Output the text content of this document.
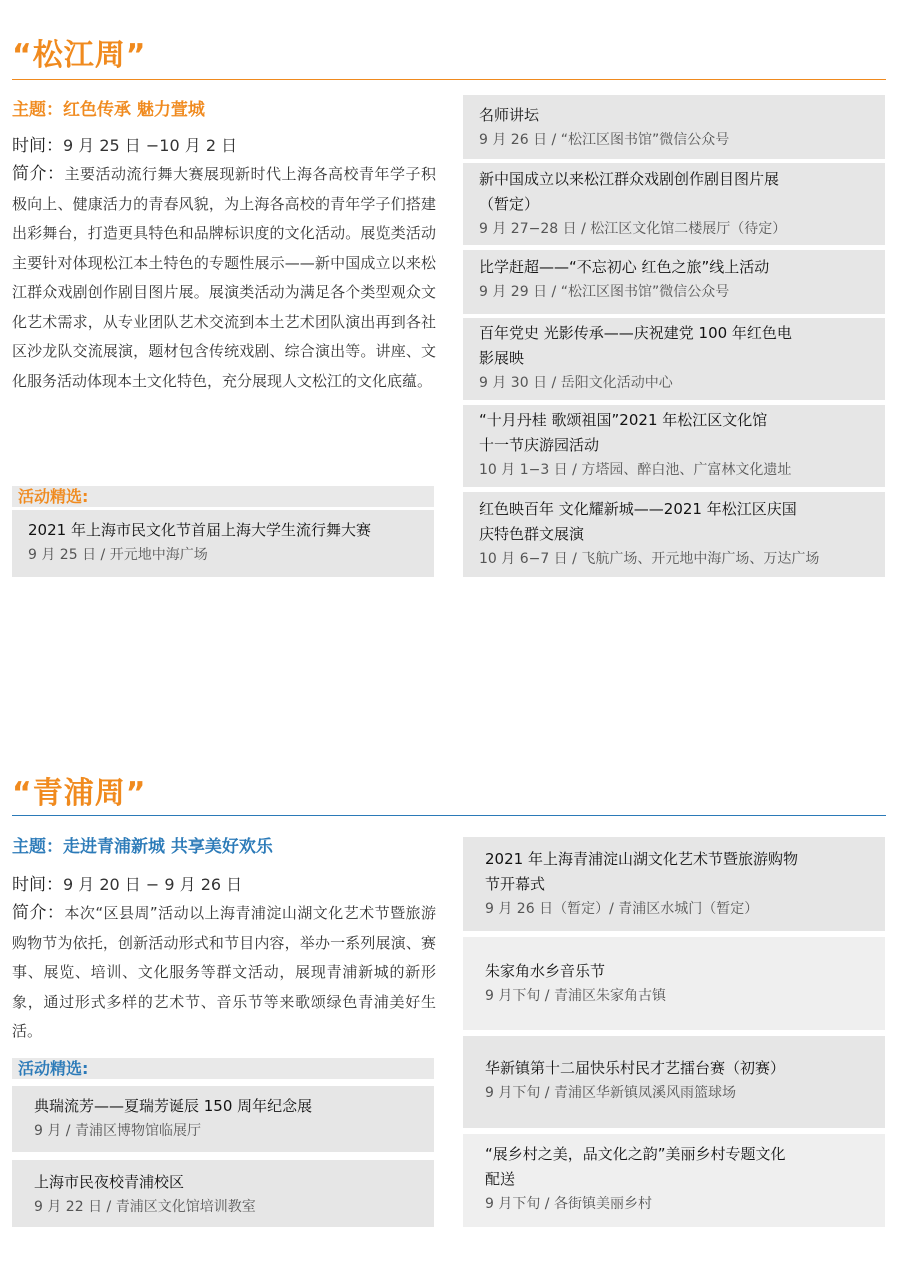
“松江周”
主题：红色传承 魅力萱城
时间：9 月 25 日 −10 月 2 日
简介：主要活动流行舞大赛展现新时代上海各高校青年学子积极向上、健康活力的青春风貌，为上海各高校的青年学子们搭建出彩舞台，打造更具特色和品牌标识度的文化活动。展览类活动主要针对体现松江本土特色的专题性展示——新中国成立以来松江群众戏剧创作剧目图片展。展演类活动为满足各个类型观众文化艺术需求，从专业团队艺术交流到本土艺术团队演出再到各社区沙龙队交流展演，题材包含传统戏剧、综合演出等。讲座、文化服务活动体现本土文化特色，充分展现人文松江的文化底蕴。
活动精选:
2021 年上海市民文化节首届上海大学生流行舞大赛
9 月 25 日 / 开元地中海广场
名师讲坛
9 月 26 日 / “松江区图书馆”微信公众号
新中国成立以来松江群众戏剧创作剧目图片展
（暂定）
9 月 27−28 日 / 松江区文化馆二楼展厅（待定）
比学赶超——“不忘初心 红色之旅”线上活动
9 月 29 日 / “松江区图书馆”微信公众号
百年党史 光影传承——庆祝建党 100 年红色电
影展映
9 月 30 日 / 岳阳文化活动中心
“十月丹桂 歌颂祖国”2021 年松江区文化馆
十一节庆游园活动
10 月 1−3 日 / 方塔园、醉白池、广富林文化遗址
红色映百年 文化耀新城——2021 年松江区庆国
庆特色群文展演
10 月 6−7 日 / 飞航广场、开元地中海广场、万达广场
“青浦周”
主题：走进青浦新城 共享美好欢乐
时间：9 月 20 日 − 9 月 26 日
简介：本次“区县周”活动以上海青浦淀山湖文化艺术节暨旅游购物节为依托，创新活动形式和节目内容，举办一系列展演、赛事、展览、培训、文化服务等群文活动，展现青浦新城的新形象，通过形式多样的艺术节、音乐节等来歌颂绿色青浦美好生活。
活动精选:
典瑞流芳——夏瑞芳诞辰 150 周年纪念展
9 月 / 青浦区博物馆临展厅
上海市民夜校青浦校区
9 月 22 日 / 青浦区文化馆培训教室
2021 年上海青浦淀山湖文化艺术节暨旅游购物
节开幕式
9 月 26 日（暂定）/ 青浦区水城门（暂定）
朱家角水乡音乐节
9 月下旬 / 青浦区朱家角古镇
华新镇第十二届快乐村民才艺擂台赛（初赛）
9 月下旬 / 青浦区华新镇凤溪风雨篮球场
“展乡村之美，品文化之韵”美丽乡村专题文化
配送
9 月下旬 / 各街镇美丽乡村
